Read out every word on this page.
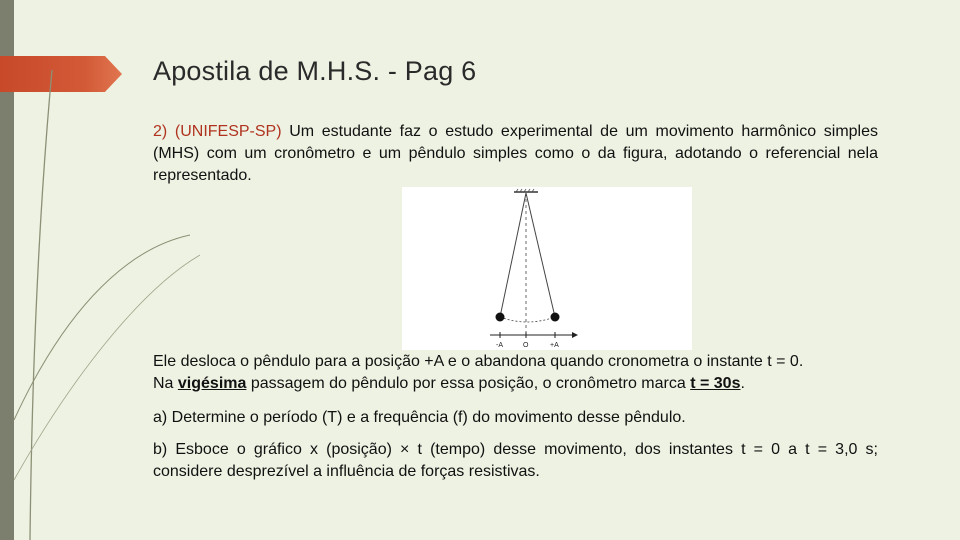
Apostila de M.H.S. - Pag 6
2) (UNIFESP-SP) Um estudante faz o estudo experimental de um movimento harmônico simples (MHS) com um cronômetro e um pêndulo simples como o da figura, adotando o referencial nela representado.
-A	O	+A
Ele desloca o pêndulo para a posição +A e o abandona quando cronometra o instante t = 0.
Na vigésima passagem do pêndulo por essa posição, o cronômetro marca t = 30s.
a) Determine o período (T) e a frequência (f) do movimento desse pêndulo.
b) Esboce o gráfico x (posição) × t (tempo) desse movimento, dos instantes t = 0 a t = 3,0 s; considere desprezível a influência de forças resistivas.
